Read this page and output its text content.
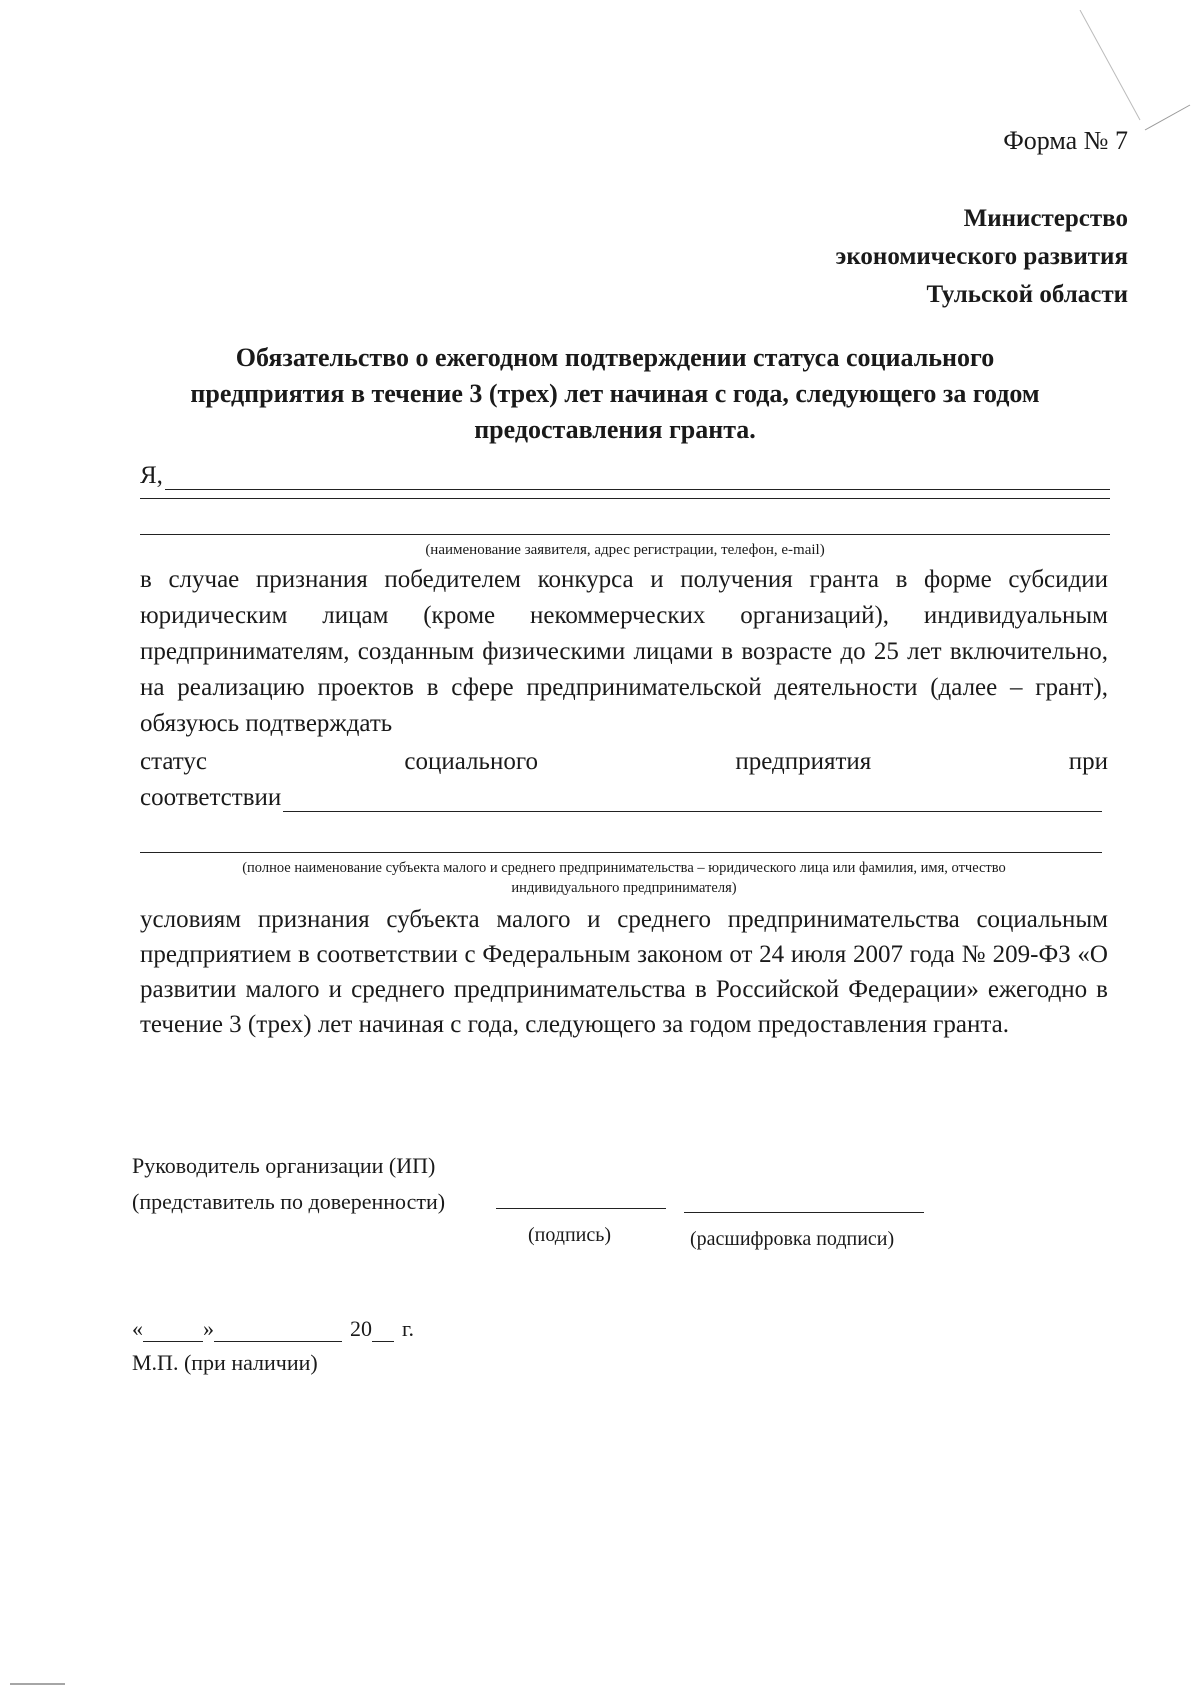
Форма № 7
Министерство
экономического развития
Тульской области
Обязательство о ежегодном подтверждении статуса социального
предприятия в течение 3 (трех) лет начиная с года, следующего за годом
предоставления гранта.
Я,
(наименование заявителя, адрес регистрации, телефон, e-mail)
в случае признания победителем конкурса и получения гранта в форме субсидии юридическим лицам (кроме некоммерческих организаций), индивидуальным предпринимателям, созданным физическими лицами в возрасте до 25 лет включительно, на реализацию проектов в сфере предпринимательской деятельности (далее – грант), обязуюсь подтверждать
статус	социального	предприятия	при
соответствии
(полное наименование субъекта малого и среднего предпринимательства – юридического лица или фамилия, имя, отчество
индивидуального предпринимателя)
условиям признания субъекта малого и среднего предпринимательства социальным предприятием в соответствии с Федеральным законом от 24 июля 2007 года № 209-ФЗ «О развитии малого и среднего предпринимательства в Российской Федерации» ежегодно в течение 3 (трех) лет начиная с года, следующего за годом предоставления гранта.
Руководитель организации (ИП)
(представитель по доверенности)
(подпись)	(расшифровка подписи)
«	»	20 г.
М.П. (при наличии)
